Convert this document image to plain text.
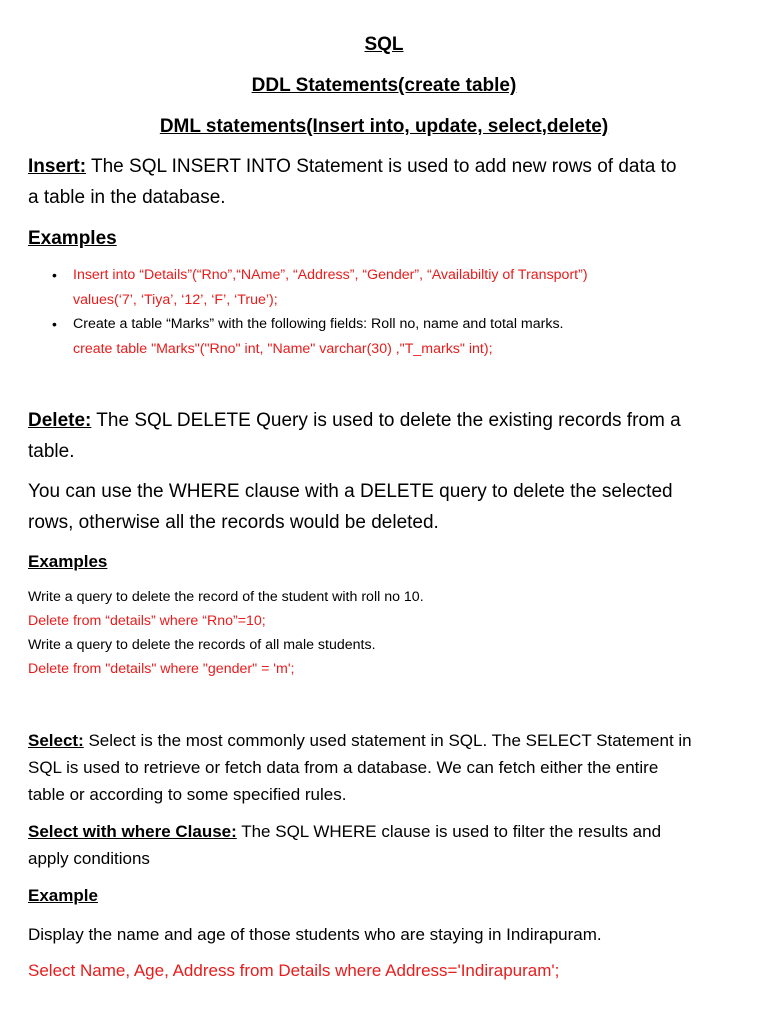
SQL
DDL Statements(create table)
DML statements(Insert into, update, select,delete)
Insert: The SQL INSERT INTO Statement is used to add new rows of data to
a table in the database.
Examples
• Insert into “Details”(“Rno”,“NAme”, “Address”, “Gender”, “Availabiltiy of Transport”)
values(‘7’, ‘Tiya’, ‘12’, ‘F’, ‘True’);
• Create a table “Marks” with the following fields: Roll no, name and total marks.
create table "Marks"("Rno" int, "Name" varchar(30) ,"T_marks" int);
Delete: The SQL DELETE Query is used to delete the existing records from a
table.
You can use the WHERE clause with a DELETE query to delete the selected
rows, otherwise all the records would be deleted.
Examples
Write a query to delete the record of the student with roll no 10.
Delete from “details” where “Rno”=10;
Write a query to delete the records of all male students.
Delete from "details" where "gender" = 'm';
Select: Select is the most commonly used statement in SQL. The SELECT Statement in
SQL is used to retrieve or fetch data from a database. We can fetch either the entire
table or according to some specified rules.
Select with where Clause: The SQL WHERE clause is used to filter the results and
apply conditions
Example
Display the name and age of those students who are staying in Indirapuram.
Select Name, Age, Address from Details where Address='Indirapuram';
